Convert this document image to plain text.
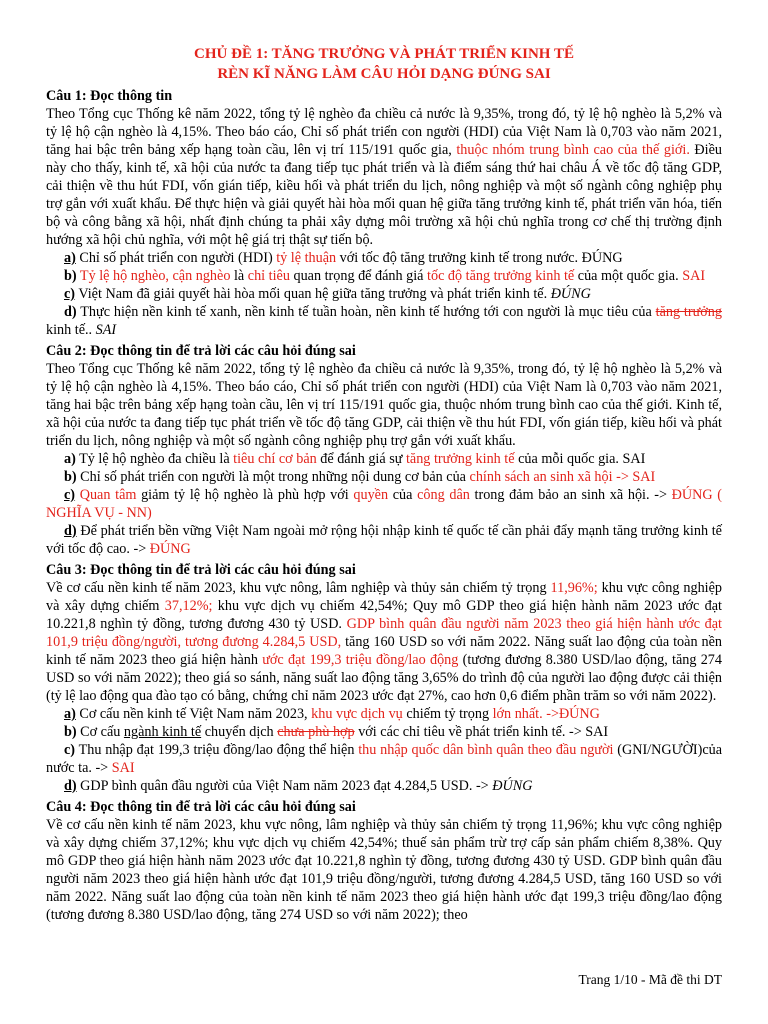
CHỦ ĐỀ 1: TĂNG TRƯỞNG VÀ PHÁT TRIỂN KINH TẾ
RÈN KĨ NĂNG LÀM CÂU HỎI DẠNG ĐÚNG SAI
Câu 1: Đọc thông tin
Theo Tổng cục Thống kê năm 2022, tổng tỷ lệ nghèo đa chiều cả nước là 9,35%, trong đó, tỷ lệ hộ nghèo là 5,2% và tỷ lệ hộ cận nghèo là 4,15%. Theo báo cáo, Chỉ số phát triển con người (HDI) của Việt Nam là 0,703 vào năm 2021, tăng hai bậc trên bảng xếp hạng toàn cầu, lên vị trí 115/191 quốc gia, thuộc nhóm trung bình cao của thế giới. Điều này cho thấy, kinh tế, xã hội của nước ta đang tiếp tục phát triển và là điểm sáng thứ hai châu Á về tốc độ tăng GDP, cải thiện về thu hút FDI, vốn gián tiếp, kiều hối và phát triển du lịch, nông nghiệp và một số ngành công nghiệp phụ trợ gắn với xuất khẩu. Để thực hiện và giải quyết hài hòa mối quan hệ giữa tăng trưởng kinh tế, phát triển văn hóa, tiến bộ và công bằng xã hội, nhất định chúng ta phải xây dựng môi trường xã hội chủ nghĩa trong cơ chế thị trường định hướng xã hội chủ nghĩa, với một hệ giá trị thật sự tiến bộ.
a) Chỉ số phát triển con người (HDI) tỷ lệ thuận với tốc độ tăng trưởng kinh tế trong nước. ĐÚNG
b) Tỷ lệ hộ nghèo, cận nghèo là chỉ tiêu quan trọng để đánh giá tốc độ tăng trưởng kinh tế của một quốc gia. SAI
c) Việt Nam đã giải quyết hài hòa mối quan hệ giữa tăng trưởng và phát triển kinh tế. ĐÚNG
d) Thực hiện nền kinh tế xanh, nền kinh tế tuần hoàn, nền kinh tế hướng tới con người là mục tiêu của tăng trưởng kinh tế.. SAI
Câu 2: Đọc thông tin để trả lời các câu hỏi đúng sai
Theo Tổng cục Thống kê năm 2022, tổng tỷ lệ nghèo đa chiều cả nước là 9,35%, trong đó, tỷ lệ hộ nghèo là 5,2% và tỷ lệ hộ cận nghèo là 4,15%. Theo báo cáo, Chỉ số phát triển con người (HDI) của Việt Nam là 0,703 vào năm 2021, tăng hai bậc trên bảng xếp hạng toàn cầu, lên vị trí 115/191 quốc gia, thuộc nhóm trung bình cao của thế giới. Kinh tế, xã hội của nước ta đang tiếp tục phát triển về tốc độ tăng GDP, cải thiện về thu hút FDI, vốn gián tiếp, kiều hối và phát triển du lịch, nông nghiệp và một số ngành công nghiệp phụ trợ gắn với xuất khẩu.
a) Tỷ lệ hộ nghèo đa chiều là tiêu chí cơ bản để đánh giá sự tăng trưởng kinh tế của mỗi quốc gia. SAI
b) Chỉ số phát triển con người là một trong những nội dung cơ bản của chính sách an sinh xã hội -> SAI
c) Quan tâm giảm tỷ lệ hộ nghèo là phù hợp với quyền của công dân trong đảm bảo an sinh xã hội. -> ĐÚNG ( NGHĨA VỤ - NN)
d) Để phát triển bền vững Việt Nam ngoài mở rộng hội nhập kinh tế quốc tế cần phải đẩy mạnh tăng trưởng kinh tế với tốc độ cao. -> ĐÚNG
Câu 3: Đọc thông tin để trả lời các câu hỏi đúng sai
Về cơ cấu nền kinh tế năm 2023, khu vực nông, lâm nghiệp và thủy sản chiếm tỷ trọng 11,96%; khu vực công nghiệp và xây dựng chiếm 37,12%; khu vực dịch vụ chiếm 42,54%; Quy mô GDP theo giá hiện hành năm 2023 ước đạt 10.221,8 nghìn tỷ đồng, tương đương 430 tỷ USD. GDP bình quân đầu người năm 2023 theo giá hiện hành ước đạt 101,9 triệu đồng/người, tương đương 4.284,5 USD, tăng 160 USD so với năm 2022. Năng suất lao động của toàn nền kinh tế năm 2023 theo giá hiện hành ước đạt 199,3 triệu đồng/lao động (tương đương 8.380 USD/lao động, tăng 274 USD so với năm 2022); theo giá so sánh, năng suất lao động tăng 3,65% do trình độ của người lao động được cải thiện (tỷ lệ lao động qua đào tạo có bằng, chứng chỉ năm 2023 ước đạt 27%, cao hơn 0,6 điểm phần trăm so với năm 2022).
a) Cơ cấu nền kinh tế Việt Nam năm 2023, khu vực dịch vụ chiếm tỷ trọng lớn nhất. ->ĐÚNG
b) Cơ cấu ngành kinh tế chuyển dịch chưa phù hợp với các chỉ tiêu về phát triển kinh tế. -> SAI
c) Thu nhập đạt 199,3 triệu đồng/lao động thể hiện thu nhập quốc dân bình quân theo đầu người (GNI/NGƯỜI)của nước ta. -> SAI
d) GDP bình quân đầu người của Việt Nam năm 2023 đạt 4.284,5 USD. -> ĐÚNG
Câu 4: Đọc thông tin để trả lời các câu hỏi đúng sai
Về cơ cấu nền kinh tế năm 2023, khu vực nông, lâm nghiệp và thủy sản chiếm tỷ trọng 11,96%; khu vực công nghiệp và xây dựng chiếm 37,12%; khu vực dịch vụ chiếm 42,54%; thuế sản phẩm trừ trợ cấp sản phẩm chiếm 8,38%. Quy mô GDP theo giá hiện hành năm 2023 ước đạt 10.221,8 nghìn tỷ đồng, tương đương 430 tỷ USD. GDP bình quân đầu người năm 2023 theo giá hiện hành ước đạt 101,9 triệu đồng/người, tương đương 4.284,5 USD, tăng 160 USD so với năm 2022. Năng suất lao động của toàn nền kinh tế năm 2023 theo giá hiện hành ước đạt 199,3 triệu đồng/lao động (tương đương 8.380 USD/lao động, tăng 274 USD so với năm 2022); theo
Trang 1/10 - Mã đề thi DT
